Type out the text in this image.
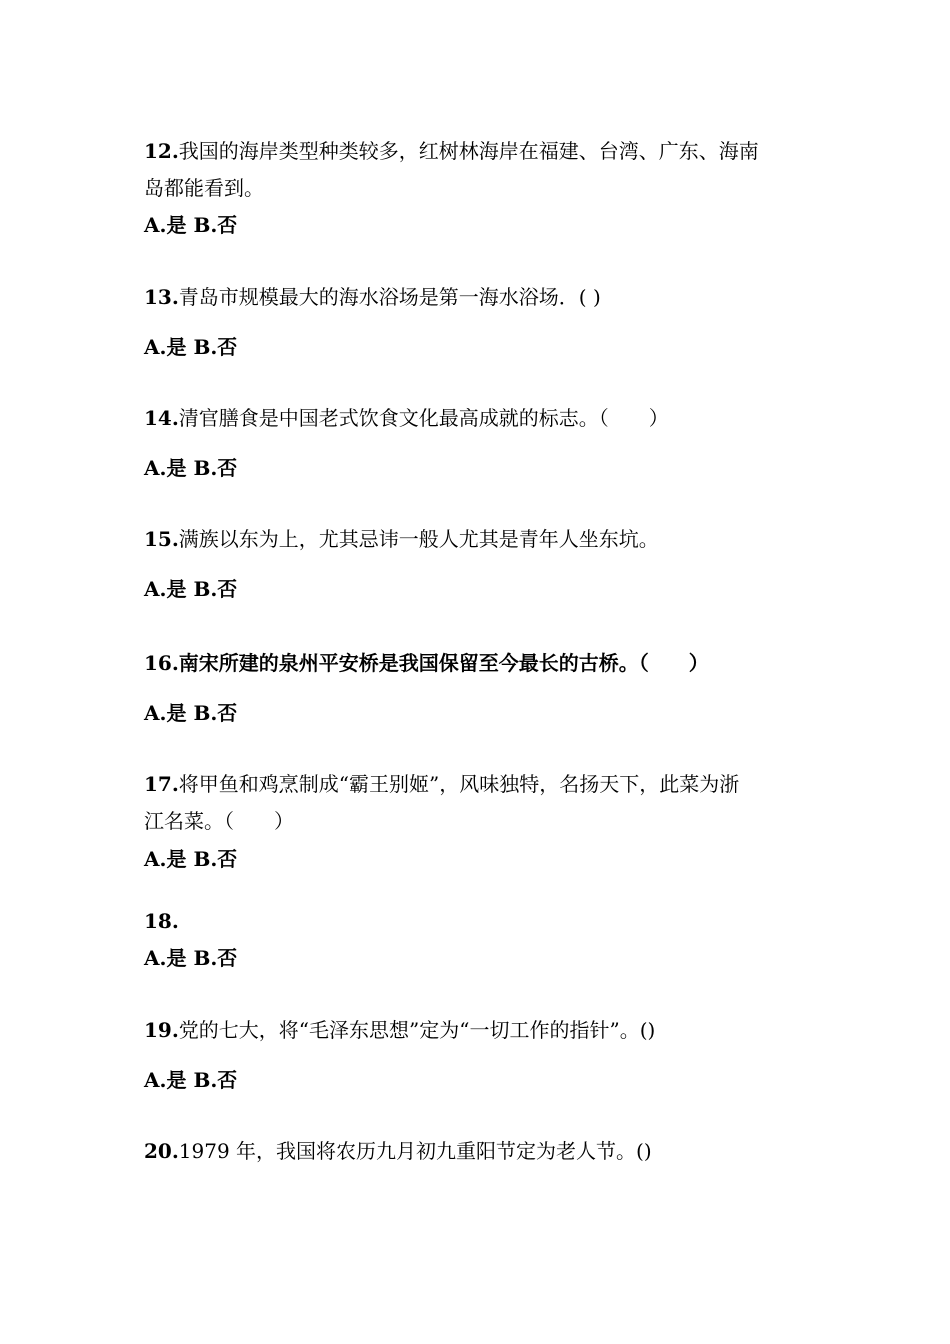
12.我国的海岸类型种类较多，红树林海岸在福建、台湾、广东、海南

岛都能看到。

A.是 B.否

13.青岛市规模最大的海水浴场是第一海水浴场．( )

A.是 B.否

14.清官膳食是中国老式饮食文化最高成就的标志。（　　）

A.是 B.否

15.满族以东为上，尤其忌讳一般人尤其是青年人坐东坑。

A.是 B.否

16.南宋所建的泉州平安桥是我国保留至今最长的古桥。（　　）

A.是 B.否

17.将甲鱼和鸡烹制成“霸王别姬”，风味独特，名扬天下，此菜为浙

江名菜。（　　）

A.是 B.否

18.

A.是 B.否

19.党的七大，将“毛泽东思想”定为“一切工作的指针”。()

A.是 B.否

20.1979 年，我国将农历九月初九重阳节定为老人节。()
